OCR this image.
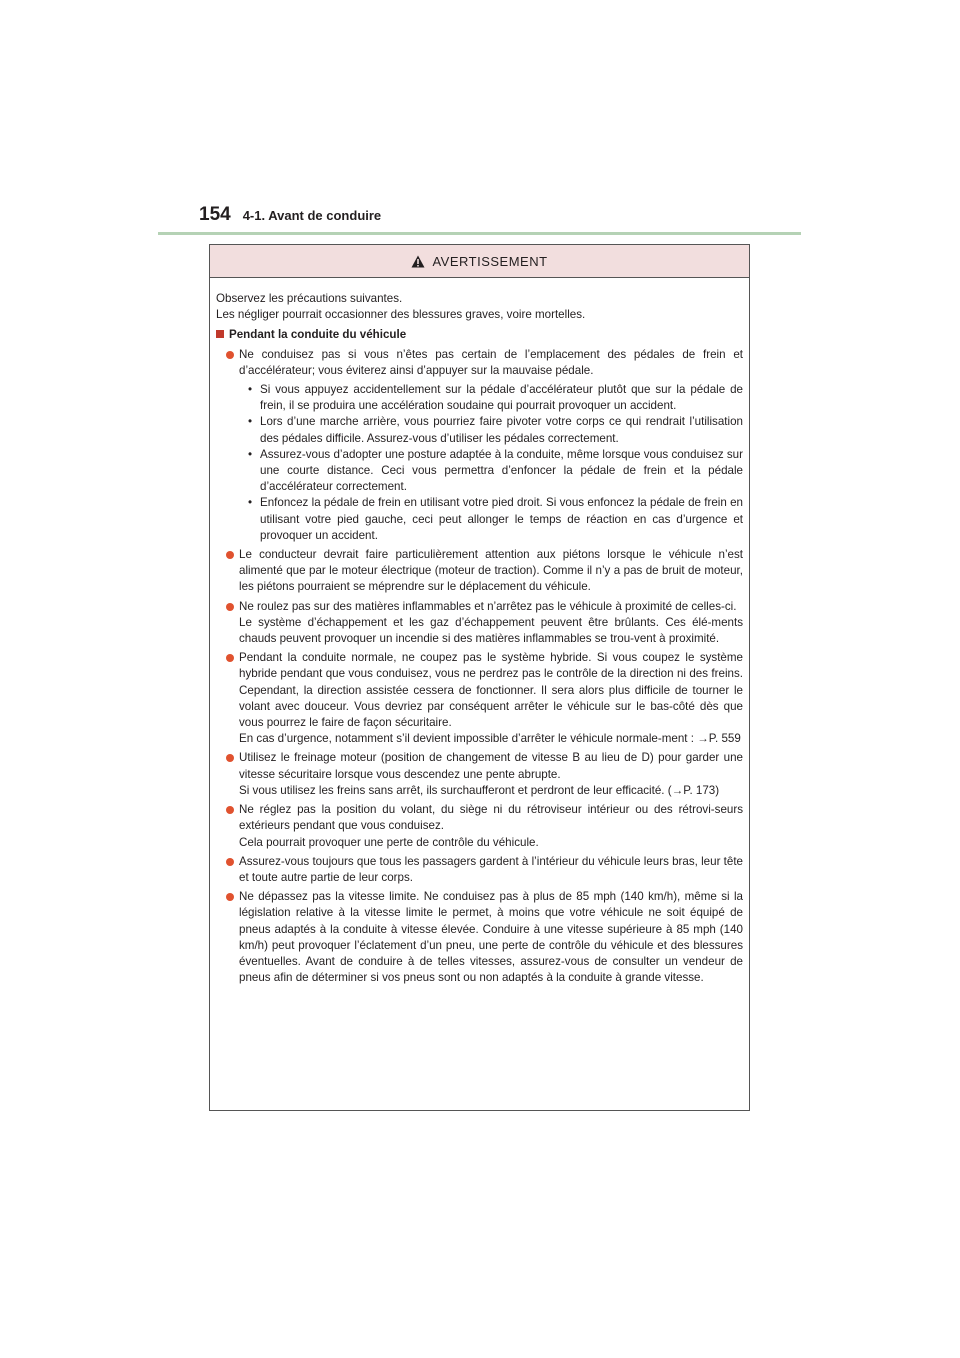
154 4-1. Avant de conduire
AVERTISSEMENT

Observez les précautions suivantes.

Les négliger pourrait occasionner des blessures graves, voire mortelles.

Pendant la conduite du véhicule

Ne conduisez pas si vous n’êtes pas certain de l’emplacement des pédales de frein et d’accélérateur; vous éviterez ainsi d’appuyer sur la mauvaise pédale.

• Si vous appuyez accidentellement sur la pédale d’accélérateur plutôt que sur la pédale de frein, il se produira une accélération soudaine qui pourrait provoquer un accident.
• Lors d’une marche arrière, vous pourriez faire pivoter votre corps ce qui rendrait l’utilisation des pédales difficile. Assurez-vous d’utiliser les pédales correctement.
• Assurez-vous d’adopter une posture adaptée à la conduite, même lorsque vous conduisez sur une courte distance. Ceci vous permettra d’enfoncer la pédale de frein et la pédale d’accélérateur correctement.
• Enfoncez la pédale de frein en utilisant votre pied droit. Si vous enfoncez la pédale de frein en utilisant votre pied gauche, ceci peut allonger le temps de réaction en cas d’urgence et provoquer un accident.

Le conducteur devrait faire particulièrement attention aux piétons lorsque le véhicule n’est alimenté que par le moteur électrique (moteur de traction). Comme il n’y a pas de bruit de moteur, les piétons pourraient se méprendre sur le déplacement du véhicule.

Ne roulez pas sur des matières inflammables et n’arrêtez pas le véhicule à proximité de celles-ci.

Le système d’échappement et les gaz d’échappement peuvent être brûlants. Ces élé-ments chauds peuvent provoquer un incendie si des matières inflammables se trou-vent à proximité.

Pendant la conduite normale, ne coupez pas le système hybride. Si vous coupez le système hybride pendant que vous conduisez, vous ne perdrez pas le contrôle de la direction ni des freins. Cependant, la direction assistée cessera de fonctionner. Il sera alors plus difficile de tourner le volant avec douceur. Vous devriez par conséquent arrêter le véhicule sur le bas-côté dès que vous pourrez le faire de façon sécuritaire.

En cas d’urgence, notamment s’il devient impossible d’arrêter le véhicule normale-ment : →P. 559

Utilisez le freinage moteur (position de changement de vitesse B au lieu de D) pour garder une vitesse sécuritaire lorsque vous descendez une pente abrupte.

Si vous utilisez les freins sans arrêt, ils surchaufferont et perdront de leur efficacité. (→P. 173)

Ne réglez pas la position du volant, du siège ni du rétroviseur intérieur ou des rétrovi-seurs extérieurs pendant que vous conduisez.

Cela pourrait provoquer une perte de contrôle du véhicule.

Assurez-vous toujours que tous les passagers gardent à l’intérieur du véhicule leurs bras, leur tête et toute autre partie de leur corps.

Ne dépassez pas la vitesse limite. Ne conduisez pas à plus de 85 mph (140 km/h), même si la législation relative à la vitesse limite le permet, à moins que votre véhicule ne soit équipé de pneus adaptés à la conduite à vitesse élevée. Conduire à une vitesse supérieure à 85 mph (140 km/h) peut provoquer l’éclatement d’un pneu, une perte de contrôle du véhicule et des blessures éventuelles. Avant de conduire à de telles vitesses, assurez-vous de consulter un vendeur de pneus afin de déterminer si vos pneus sont ou non adaptés à la conduite à grande vitesse.
